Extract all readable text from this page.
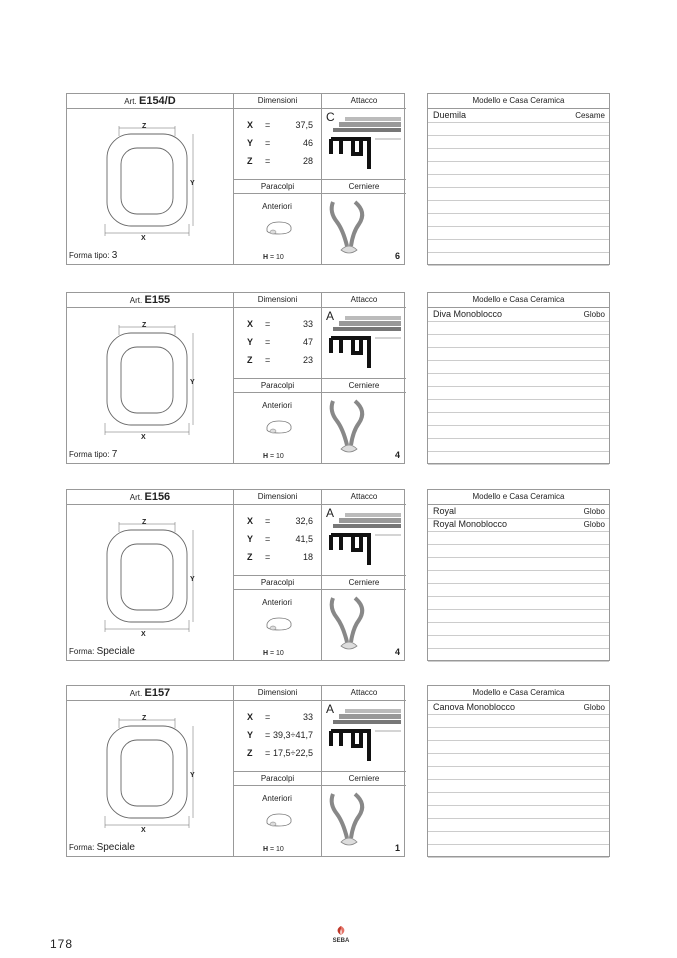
Art. E154/D	Dimensioni	Attacco
Z
Y
X
X =	37,5
Y =	46
Z =	28
C
Paracolpi	Cerniere
Anteriori
Forma tipo: 3	H = 10	6
Modello e Casa Ceramica
Duemila	Cesame
Art. E155	Dimensioni	Attacco
Z
Y
X
X =	33
Y =	47
Z =	23
A
Paracolpi	Cerniere
Anteriori
Forma tipo: 7	H = 10	4
Modello e Casa Ceramica
Diva Monoblocco	Globo
Art. E156	Dimensioni	Attacco
Z
Y
X
X =	32,6
Y =	41,5
Z =	18
A
Paracolpi	Cerniere
Anteriori
Forma: Speciale	H = 10	4
Modello e Casa Ceramica
Royal	Globo
Royal Monoblocco	Globo
Art. E157	Dimensioni	Attacco
Z
Y
X
X =	33
Y = 39,3÷41,7
Z = 17,5÷22,5
A
Paracolpi	Cerniere
Anteriori
Forma: Speciale	H = 10	1
Modello e Casa Ceramica
Canova Monoblocco	Globo
178	SEBA
